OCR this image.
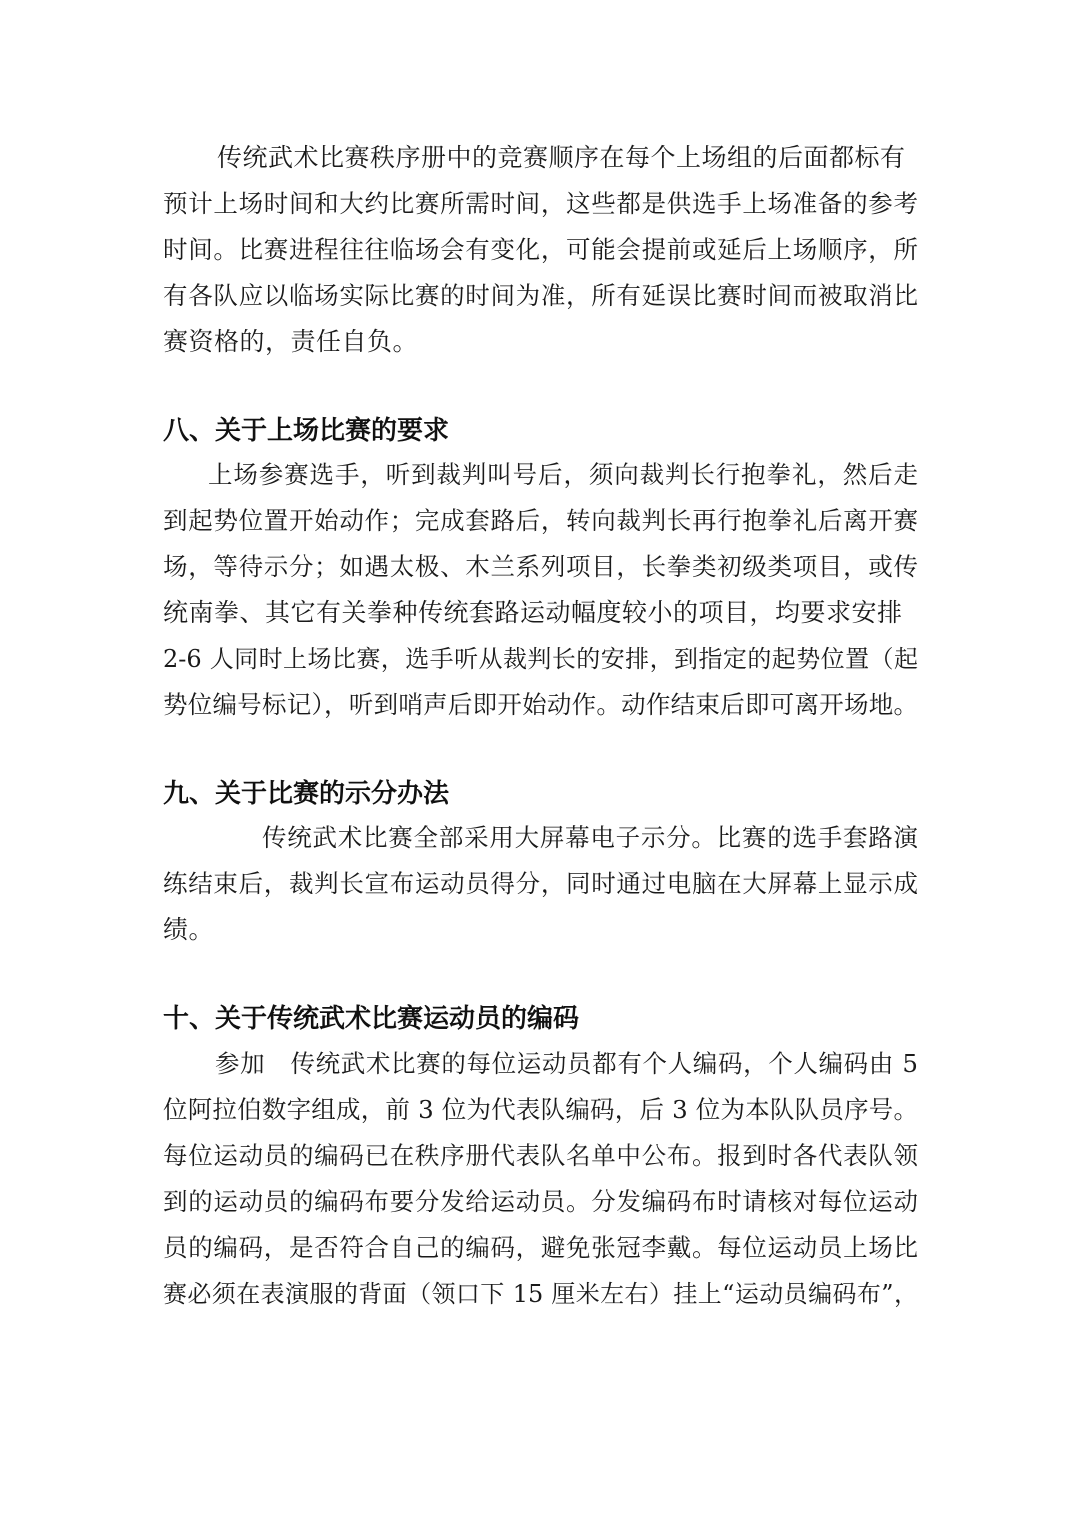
传统武术比赛秩序册中的竞赛顺序在每个上场组的后面都标有
预计上场时间和大约比赛所需时间，这些都是供选手上场准备的参考
时间。比赛进程往往临场会有变化，可能会提前或延后上场顺序，所
有各队应以临场实际比赛的时间为准，所有延误比赛时间而被取消比
赛资格的，责任自负。
八、关于上场比赛的要求
上场参赛选手，听到裁判叫号后，须向裁判长行抱拳礼，然后走
到起势位置开始动作；完成套路后，转向裁判长再行抱拳礼后离开赛
场，等待示分；如遇太极、木兰系列项目，长拳类初级类项目，或传
统南拳、其它有关拳种传统套路运动幅度较小的项目，均要求安排
2-6 人同时上场比赛，选手听从裁判长的安排，到指定的起势位置（起
势位编号标记），听到哨声后即开始动作。动作结束后即可离开场地。
九、关于比赛的示分办法
传统武术比赛全部采用大屏幕电子示分。比赛的选手套路演
练结束后，裁判长宣布运动员得分，同时通过电脑在大屏幕上显示成
绩。
十、关于传统武术比赛运动员的编码
参加　传统武术比赛的每位运动员都有个人编码，个人编码由 5
位阿拉伯数字组成，前 3 位为代表队编码，后 3 位为本队队员序号。
每位运动员的编码已在秩序册代表队名单中公布。报到时各代表队领
到的运动员的编码布要分发给运动员。分发编码布时请核对每位运动
员的编码，是否符合自己的编码，避免张冠李戴。每位运动员上场比
赛必须在表演服的背面（领口下 15 厘米左右）挂上“运动员编码布”，
